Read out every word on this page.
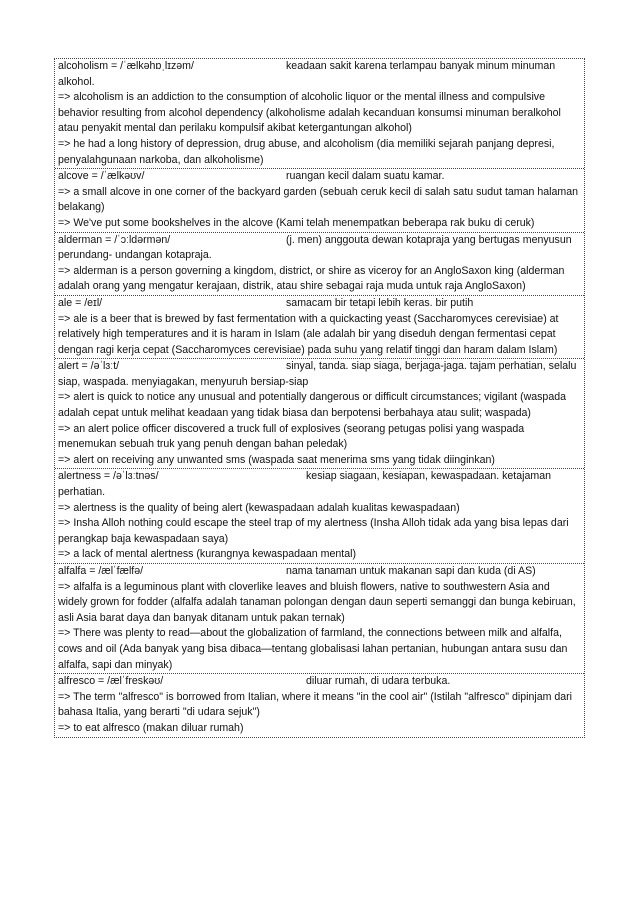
alcoholism = /ˈælkəhɒˌlɪzəm/	keadaan sakit karena terlampau banyak minum minuman alkohol.
=> alcoholism is an addiction to the consumption of alcoholic liquor or the mental illness and compulsive behavior resulting from alcohol dependency (alkoholisme adalah kecanduan konsumsi minuman beralkohol atau penyakit mental dan perilaku kompulsif akibat ketergantungan alkohol)
=> he had a long history of depression, drug abuse, and alcoholism (dia memiliki sejarah panjang depresi, penyalahgunaan narkoba, dan alkoholisme)
alcove = /ˈælkəʊv/	ruangan kecil dalam suatu kamar.
=> a small alcove in one corner of the backyard garden (sebuah ceruk kecil di salah satu sudut taman halaman belakang)
=> We've put some bookshelves in the alcove (Kami telah menempatkan beberapa rak buku di ceruk)
alderman = /ˈɔːldərmən/	(j. men) anggouta dewan kotapraja yang bertugas menyusun perundang- undangan kotapraja.
=> alderman is a person governing a kingdom, district, or shire as viceroy for an AngloSaxon king (alderman adalah orang yang mengatur kerajaan, distrik, atau shire sebagai raja muda untuk raja AngloSaxon)
ale = /eɪl/	samacam bir tetapi lebih keras. bir putih
=> ale is a beer that is brewed by fast fermentation with a quickacting yeast (Saccharomyces cerevisiae) at relatively high temperatures and it is haram in Islam (ale adalah bir yang diseduh dengan fermentasi cepat dengan ragi kerja cepat (Saccharomyces cerevisiae) pada suhu yang relatif tinggi dan haram dalam Islam)
alert = /əˈlɜːt/	sinyal, tanda. siap siaga, berjaga-jaga. tajam perhatian, selalu siap, waspada. menyiagakan, menyuruh bersiap-siap
=> alert is quick to notice any unusual and potentially dangerous or difficult circumstances; vigilant (waspada adalah cepat untuk melihat keadaan yang tidak biasa dan berpotensi berbahaya atau sulit; waspada)
=> an alert police officer discovered a truck full of explosives (seorang petugas polisi yang waspada menemukan sebuah truk yang penuh dengan bahan peledak)
=> alert on receiving any unwanted sms (waspada saat menerima sms yang tidak diinginkan)
alertness = /əˈlɜːtnəs/	kesiap siagaan, kesiapan, kewaspadaan. ketajaman perhatian.
=> alertness is the quality of being alert (kewaspadaan adalah kualitas kewaspadaan)
=> Insha Alloh nothing could escape the steel trap of my alertness (Insha Alloh tidak ada yang bisa lepas dari perangkap baja kewaspadaan saya)
=> a lack of mental alertness (kurangnya kewaspadaan mental)
alfalfa = /ælˈfælfə/	nama tanaman untuk makanan sapi dan kuda (di AS)
=> alfalfa is a leguminous plant with cloverlike leaves and bluish flowers, native to southwestern Asia and widely grown for fodder (alfalfa adalah tanaman polongan dengan daun seperti semanggi dan bunga kebiruan, asli Asia barat daya dan banyak ditanam untuk pakan ternak)
=> There was plenty to read—about the globalization of farmland, the connections between milk and alfalfa, cows and oil (Ada banyak yang bisa dibaca—tentang globalisasi lahan pertanian, hubungan antara susu dan alfalfa, sapi dan minyak)
alfresco = /ælˈfreskəʊ/	diluar rumah, di udara terbuka.
=> The term "alfresco" is borrowed from Italian, where it means "in the cool air" (Istilah "alfresco" dipinjam dari bahasa Italia, yang berarti "di udara sejuk")
=> to eat alfresco (makan diluar rumah)
